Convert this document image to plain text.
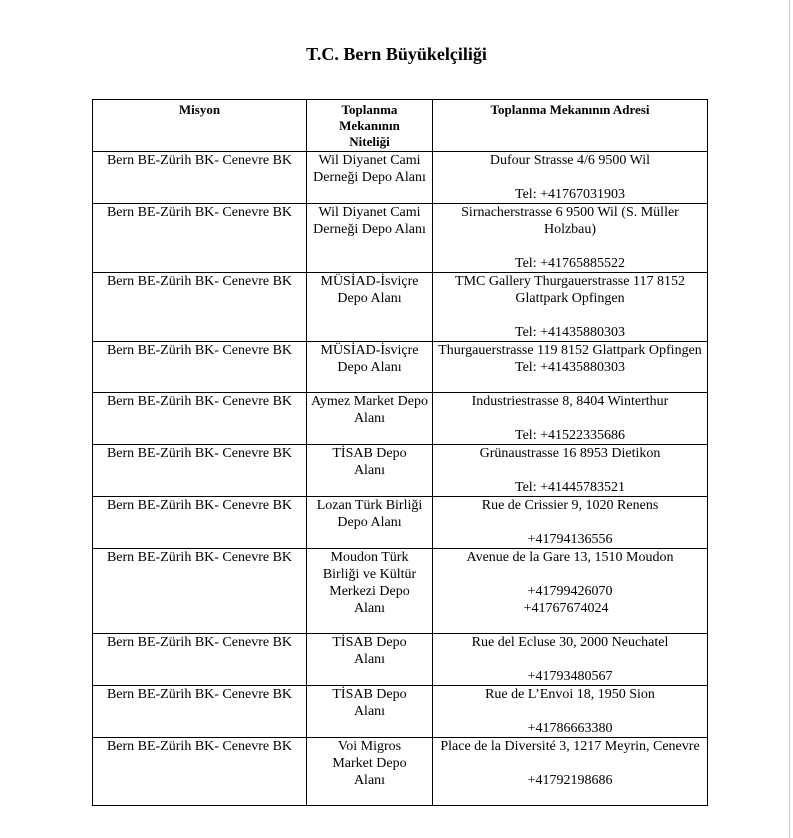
T.C. Bern Büyükelçiliği
Misyon	Toplanma Mekanının Niteliği	Toplanma Mekanının Adresi

Bern BE-Zürih BK- Cenevre BK	Wil Diyanet Cami Derneği Depo Alanı	Dufour Strasse 4/6 9500 Wil
Tel: +41767031903

Bern BE-Zürih BK- Cenevre BK	Wil Diyanet Cami Derneği Depo Alanı	Sirnacherstrasse 6 9500 Wil (S. Müller Holzbau)
Tel: +41765885522

Bern BE-Zürih BK- Cenevre BK	MÜSİAD-İsviçre Depo Alanı	TMC Gallery Thurgauerstrasse 117 8152 Glattpark Opfingen
Tel: +41435880303

Bern BE-Zürih BK- Cenevre BK	MÜSİAD-İsviçre Depo Alanı	Thurgauerstrasse 119 8152 Glattpark Opfingen
Tel: +41435880303

Bern BE-Zürih BK- Cenevre BK	Aymez Market Depo Alanı	Industriestrasse 8, 8404 Winterthur
Tel: +41522335686

Bern BE-Zürih BK- Cenevre BK	TİSAB Depo Alanı	Grünaustrasse 16 8953 Dietikon
Tel: +41445783521

Bern BE-Zürih BK- Cenevre BK	Lozan Türk Birliği Depo Alanı	Rue de Crissier 9, 1020 Renens
+41794136556

Bern BE-Zürih BK- Cenevre BK	Moudon Türk Birliği ve Kültür Merkezi Depo Alanı	Avenue de la Gare 13, 1510 Moudon
+41799426070
+41767674024

Bern BE-Zürih BK- Cenevre BK	TİSAB Depo Alanı	Rue del Ecluse 30, 2000 Neuchatel
+41793480567

Bern BE-Zürih BK- Cenevre BK	TİSAB Depo Alanı	Rue de L’Envoi 18, 1950 Sion
+41786663380

Bern BE-Zürih BK- Cenevre BK	Voi Migros Market Depo Alanı	Place de la Diversité 3, 1217 Meyrin, Cenevre
+41792198686
